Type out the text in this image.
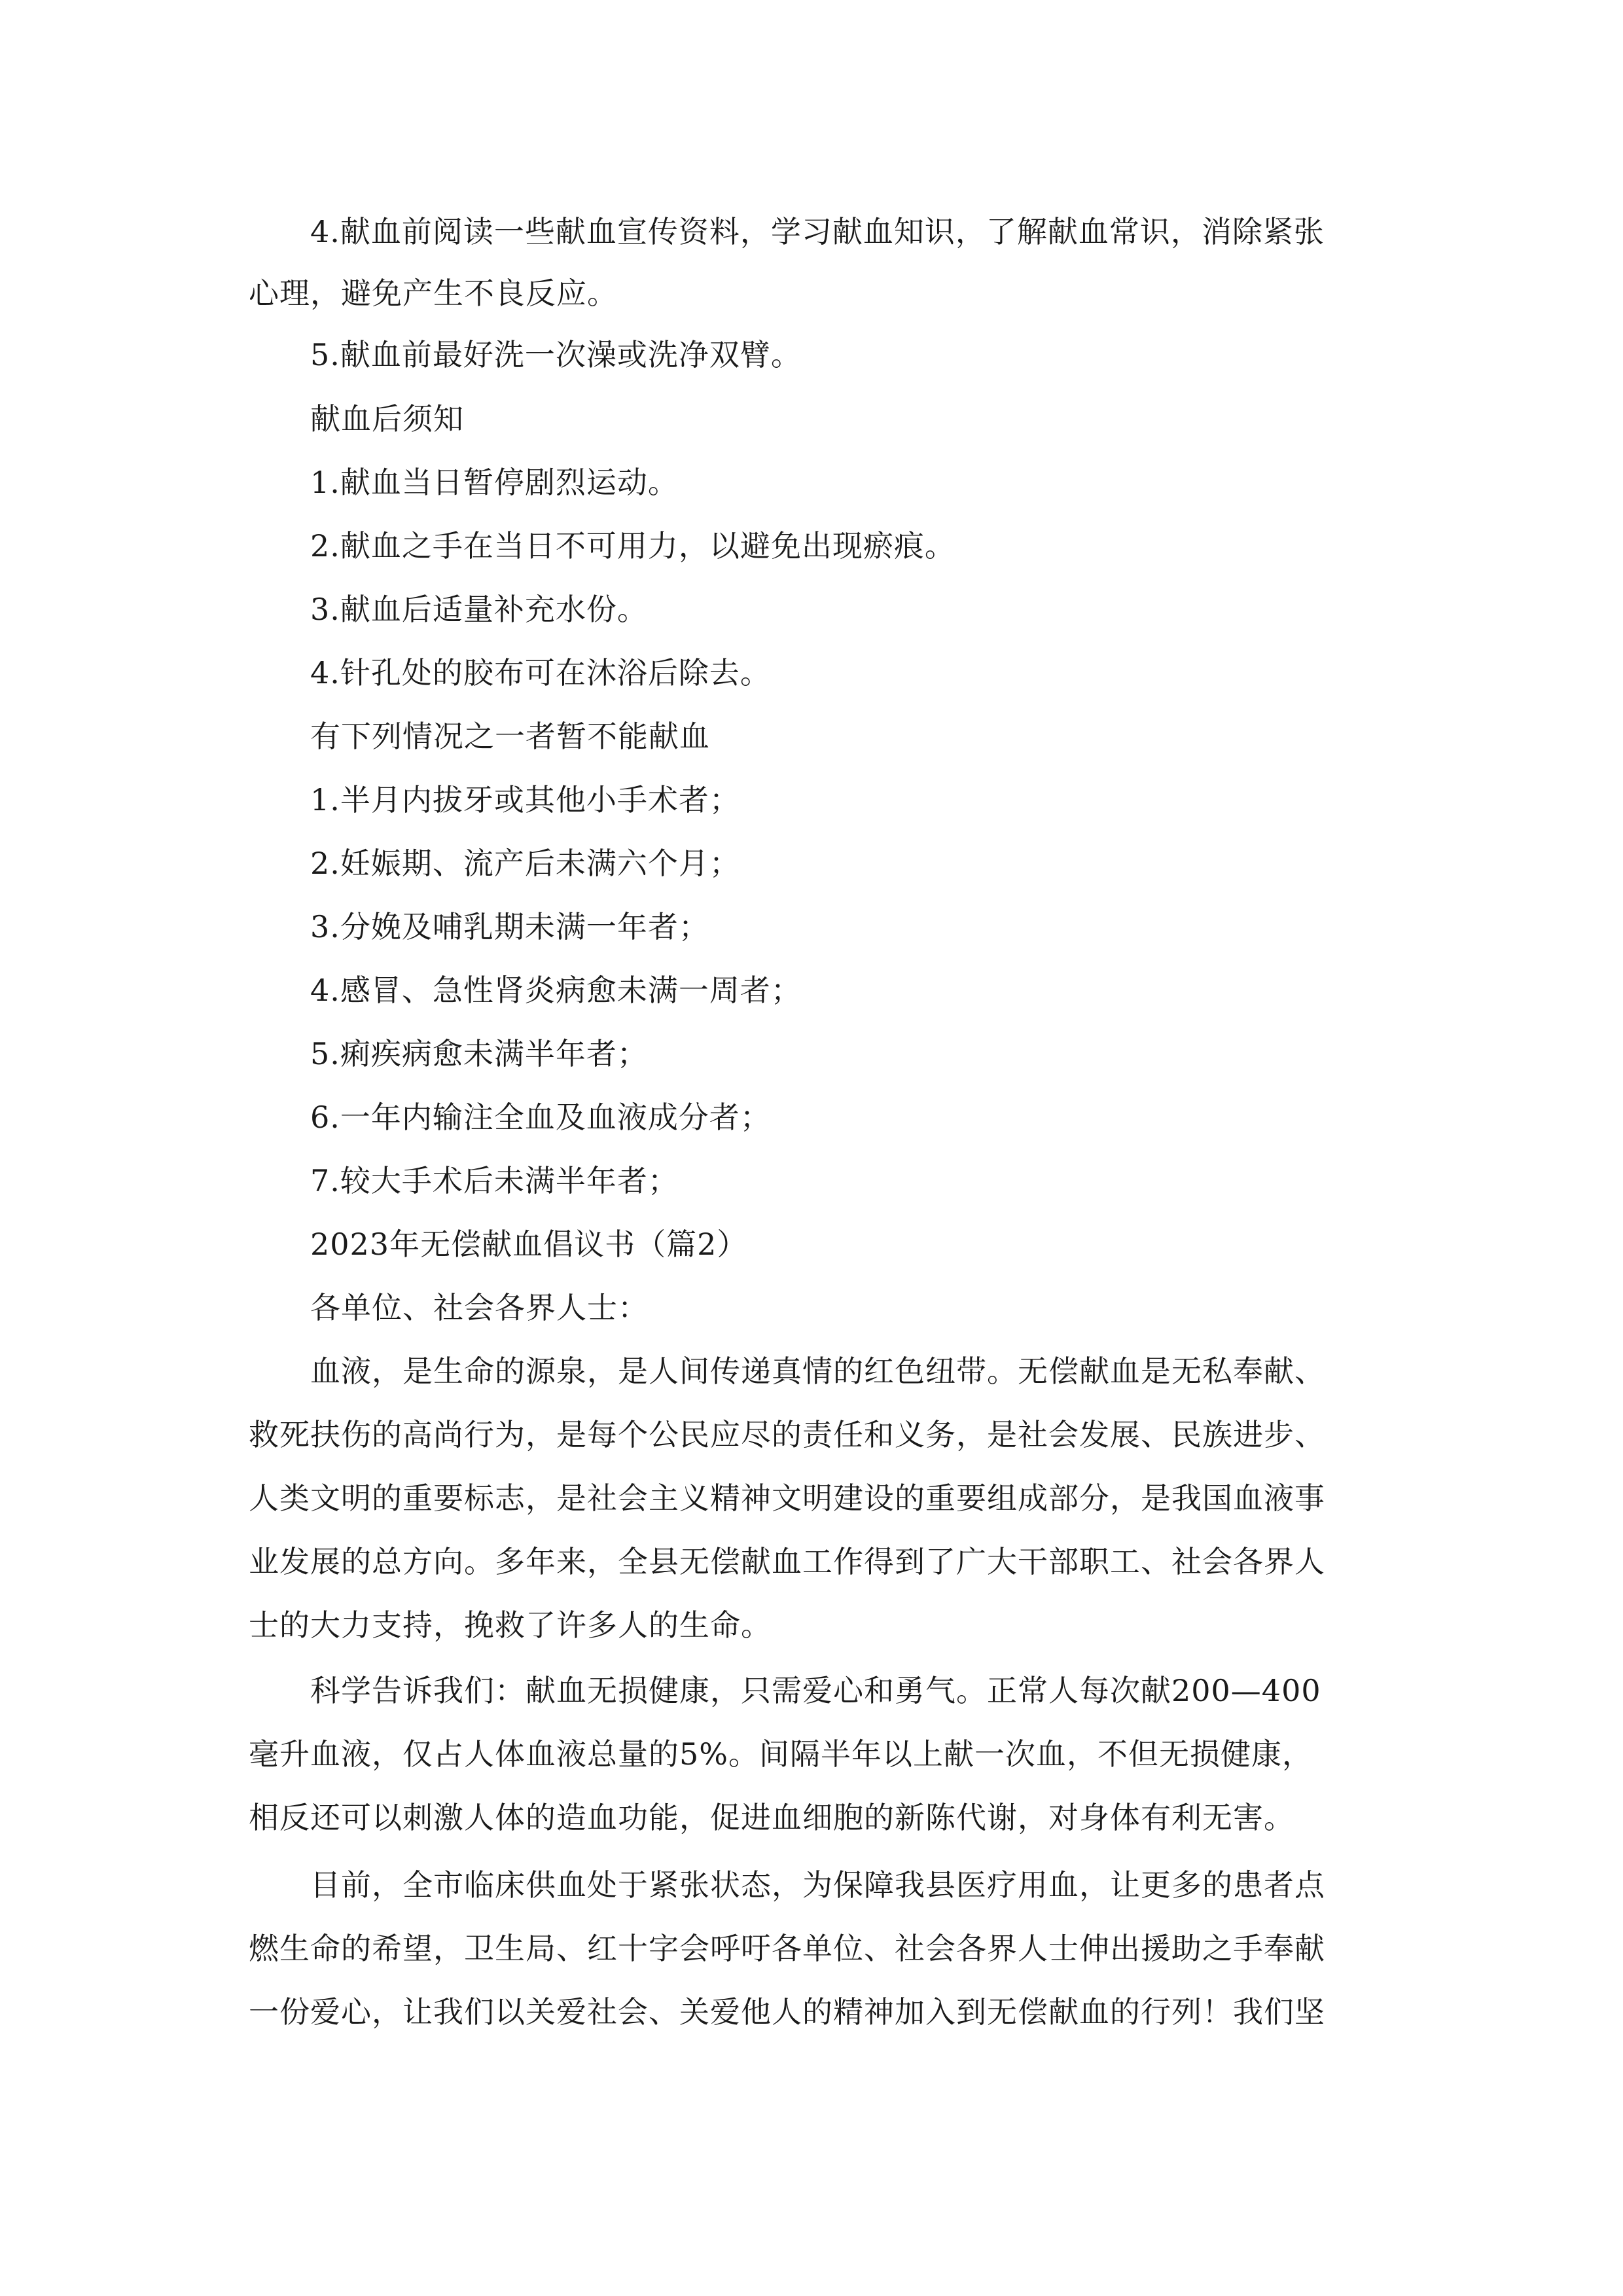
4.献血前阅读一些献血宣传资料，学习献血知识，了解献血常识，消除紧张
心理，避免产生不良反应。
5.献血前最好洗一次澡或洗净双臂。
献血后须知
1.献血当日暂停剧烈运动。
2.献血之手在当日不可用力，以避免出现瘀痕。
3.献血后适量补充水份。
4.针孔处的胶布可在沐浴后除去。
有下列情况之一者暂不能献血
1.半月内拔牙或其他小手术者；
2.妊娠期、流产后未满六个月；
3.分娩及哺乳期未满一年者；
4.感冒、急性肾炎病愈未满一周者；
5.痢疾病愈未满半年者；
6.一年内输注全血及血液成分者；
7.较大手术后未满半年者；
2023年无偿献血倡议书（篇2）
各单位、社会各界人士：
血液，是生命的源泉，是人间传递真情的红色纽带。无偿献血是无私奉献、
救死扶伤的高尚行为，是每个公民应尽的责任和义务，是社会发展、民族进步、
人类文明的重要标志，是社会主义精神文明建设的重要组成部分，是我国血液事
业发展的总方向。多年来，全县无偿献血工作得到了广大干部职工、社会各界人
士的大力支持，挽救了许多人的生命。
科学告诉我们：献血无损健康，只需爱心和勇气。正常人每次献200—400
毫升血液，仅占人体血液总量的5%。间隔半年以上献一次血，不但无损健康，
相反还可以刺激人体的造血功能，促进血细胞的新陈代谢，对身体有利无害。
目前，全市临床供血处于紧张状态，为保障我县医疗用血，让更多的患者点
燃生命的希望，卫生局、红十字会呼吁各单位、社会各界人士伸出援助之手奉献
一份爱心，让我们以关爱社会、关爱他人的精神加入到无偿献血的行列！我们坚
